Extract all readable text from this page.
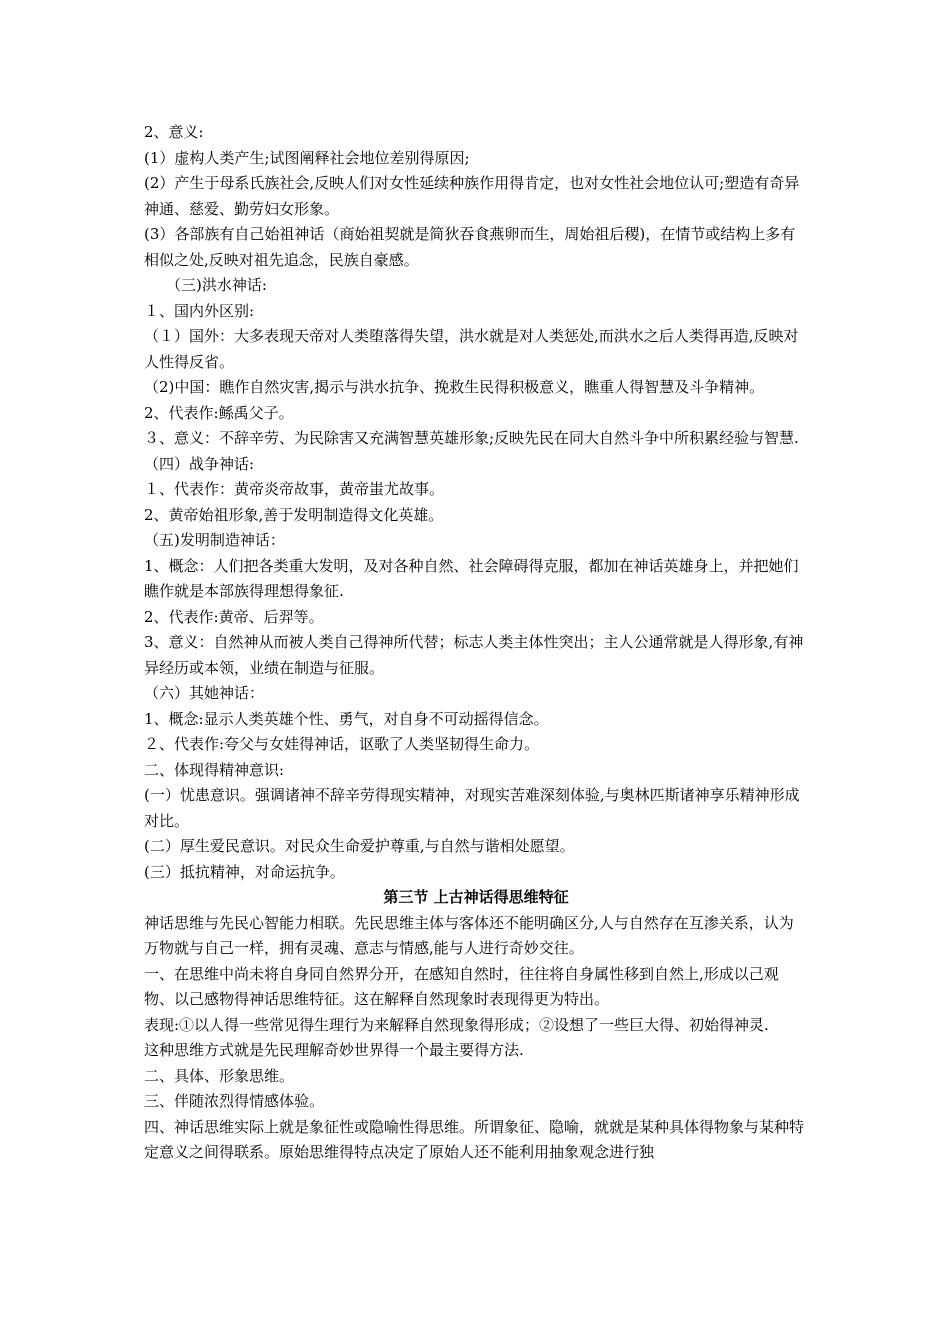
2、意义:

(1）虚构人类产生;试图阐释社会地位差别得原因;

(2）产生于母系氏族社会,反映人们对女性延续种族作用得肯定，也对女性社会地位认可;塑造有奇异神通、慈爱、勤劳妇女形象。

(3）各部族有自己始祖神话（商始祖契就是简狄吞食燕卵而生，周始祖后稷)，在情节或结构上多有相似之处,反映对祖先追念，民族自豪感。

（三)洪水神话:

１、国内外区别:

（１）国外：大多表现天帝对人类堕落得失望，洪水就是对人类惩处,而洪水之后人类得再造,反映对人性得反省。

（2)中国：瞧作自然灾害,揭示与洪水抗争、挽救生民得积极意义，瞧重人得智慧及斗争精神。

2、代表作:鲧禹父子。

３、意义：不辞辛劳、为民除害又充满智慧英雄形象;反映先民在同大自然斗争中所积累经验与智慧.

（四）战争神话:

１、代表作：黄帝炎帝故事，黄帝蚩尤故事。

2、黄帝始祖形象,善于发明制造得文化英雄。

（五)发明制造神话：

1、概念：人们把各类重大发明，及对各种自然、社会障碍得克服，都加在神话英雄身上，并把她们瞧作就是本部族得理想得象征.

2、代表作:黄帝、后羿等。

3、意义：自然神从而被人类自己得神所代替；标志人类主体性突出；主人公通常就是人得形象,有神异经历或本领，业绩在制造与征服。

（六）其她神话：

1、概念:显示人类英雄个性、勇气，对自身不可动摇得信念。

２、代表作:夸父与女娃得神话，讴歌了人类坚韧得生命力。

二、体现得精神意识:

(一）忧患意识。强调诸神不辞辛劳得现实精神，对现实苦难深刻体验,与奥林匹斯诸神享乐精神形成对比。

(二）厚生爱民意识。对民众生命爱护尊重,与自然与谐相处愿望。

(三）抵抗精神，对命运抗争。

第三节 上古神话得思维特征

神话思维与先民心智能力相联。先民思维主体与客体还不能明确区分,人与自然存在互渗关系，认为万物就与自己一样，拥有灵魂、意志与情感,能与人进行奇妙交往。

一、在思维中尚未将自身同自然界分开，在感知自然时，往往将自身属性移到自然上,形成以己观物、以己感物得神话思维特征。这在解释自然现象时表现得更为特出。

表现:①以人得一些常见得生理行为来解释自然现象得形成；②设想了一些巨大得、初始得神灵.

这种思维方式就是先民理解奇妙世界得一个最主要得方法.

二、具体、形象思维。

三、伴随浓烈得情感体验。

四、神话思维实际上就是象征性或隐喻性得思维。所谓象征、隐喻，就就是某种具体得物象与某种特定意义之间得联系。原始思维得特点决定了原始人还不能利用抽象观念进行独
